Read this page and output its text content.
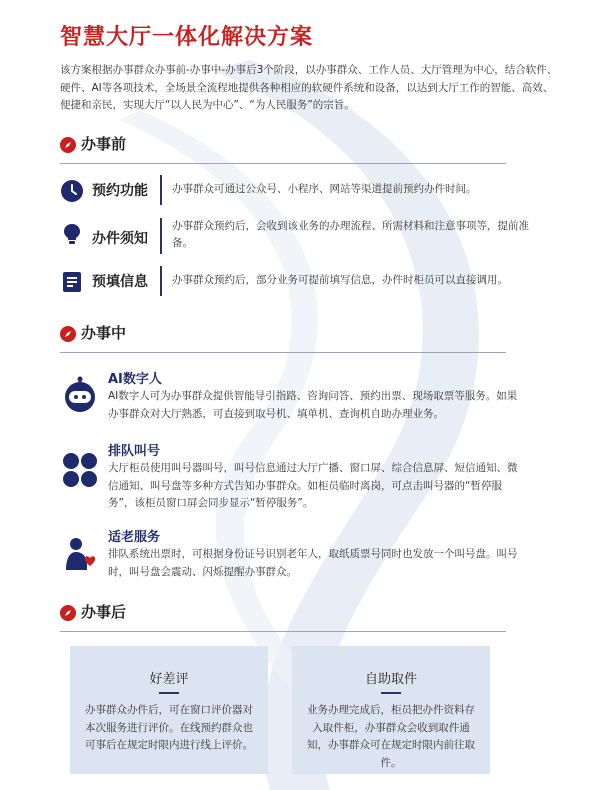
智慧大厅一体化解决方案
该方案根据办事群众办事前-办事中-办事后3个阶段，以办事群众、工作人员、大厅管理为中心，结合软件、硬件、AI等各项技术，全场景全流程地提供各种相应的软硬件系统和设备，以达到大厅工作的智能、高效、便捷和亲民，实现大厅“以人民为中心”、“为人民服务”的宗旨。
办事前
预约功能	办事群众可通过公众号、小程序、网站等渠道提前预约办件时间。
办件须知
办事群众预约后，会收到该业务的办理流程、所需材料和注意事项等，提前准备。
预填信息	办事群众预约后，部分业务可提前填写信息，办件时柜员可以直接调用。
办事中
AI数字人
AI数字人可为办事群众提供智能导引指路、咨询问答、预约出票、现场取票等服务。如果办事群众对大厅熟悉，可直接到取号机、填单机、查询机自助办理业务。
排队叫号
大厅柜员使用叫号器叫号，叫号信息通过大厅广播、窗口屏、综合信息屏、短信通知、微信通知、叫号盘等多种方式告知办事群众。如柜员临时离岗，可点击叫号器的“暂停服务”，该柜员窗口屏会同步显示“暂停服务”。
适老服务
排队系统出票时，可根据身份证号识别老年人，取纸质票号同时也发放一个叫号盘。叫号时，叫号盘会震动、闪烁提醒办事群众。
办事后
好差评
办事群众办件后，可在窗口评价器对本次服务进行评价。在线预约群众也可事后在规定时限内进行线上评价。
自助取件
业务办理完成后，柜员把办件资料存入取件柜，办事群众会收到取件通知，办事群众可在规定时限内前往取件。
